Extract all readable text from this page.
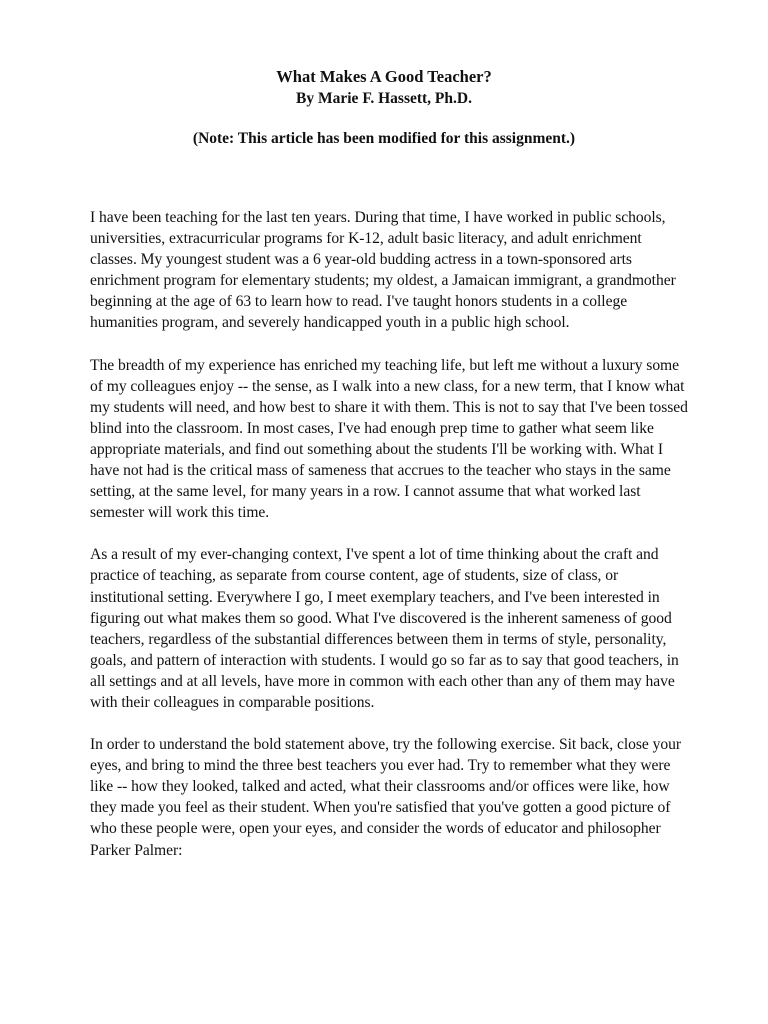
What Makes A Good Teacher?

By Marie F. Hassett, Ph.D.

(Note: This article has been modified for this assignment.)

I have been teaching for the last ten years. During that time, I have worked in public schools, universities, extracurricular programs for K-12, adult basic literacy, and adult enrichment classes. My youngest student was a 6 year-old budding actress in a town-sponsored arts enrichment program for elementary students; my oldest, a Jamaican immigrant, a grandmother beginning at the age of 63 to learn how to read. I've taught honors students in a college humanities program, and severely handicapped youth in a public high school.

The breadth of my experience has enriched my teaching life, but left me without a luxury some of my colleagues enjoy -- the sense, as I walk into a new class, for a new term, that I know what my students will need, and how best to share it with them. This is not to say that I've been tossed blind into the classroom. In most cases, I've had enough prep time to gather what seem like appropriate materials, and find out something about the students I'll be working with. What I have not had is the critical mass of sameness that accrues to the teacher who stays in the same setting, at the same level, for many years in a row. I cannot assume that what worked last semester will work this time.

As a result of my ever-changing context, I've spent a lot of time thinking about the craft and practice of teaching, as separate from course content, age of students, size of class, or institutional setting. Everywhere I go, I meet exemplary teachers, and I've been interested in figuring out what makes them so good. What I've discovered is the inherent sameness of good teachers, regardless of the substantial differences between them in terms of style, personality, goals, and pattern of interaction with students. I would go so far as to say that good teachers, in all settings and at all levels, have more in common with each other than any of them may have with their colleagues in comparable positions.

In order to understand the bold statement above, try the following exercise. Sit back, close your eyes, and bring to mind the three best teachers you ever had. Try to remember what they were like -- how they looked, talked and acted, what their classrooms and/or offices were like, how they made you feel as their student. When you're satisfied that you've gotten a good picture of who these people were, open your eyes, and consider the words of educator and philosopher Parker Palmer:
